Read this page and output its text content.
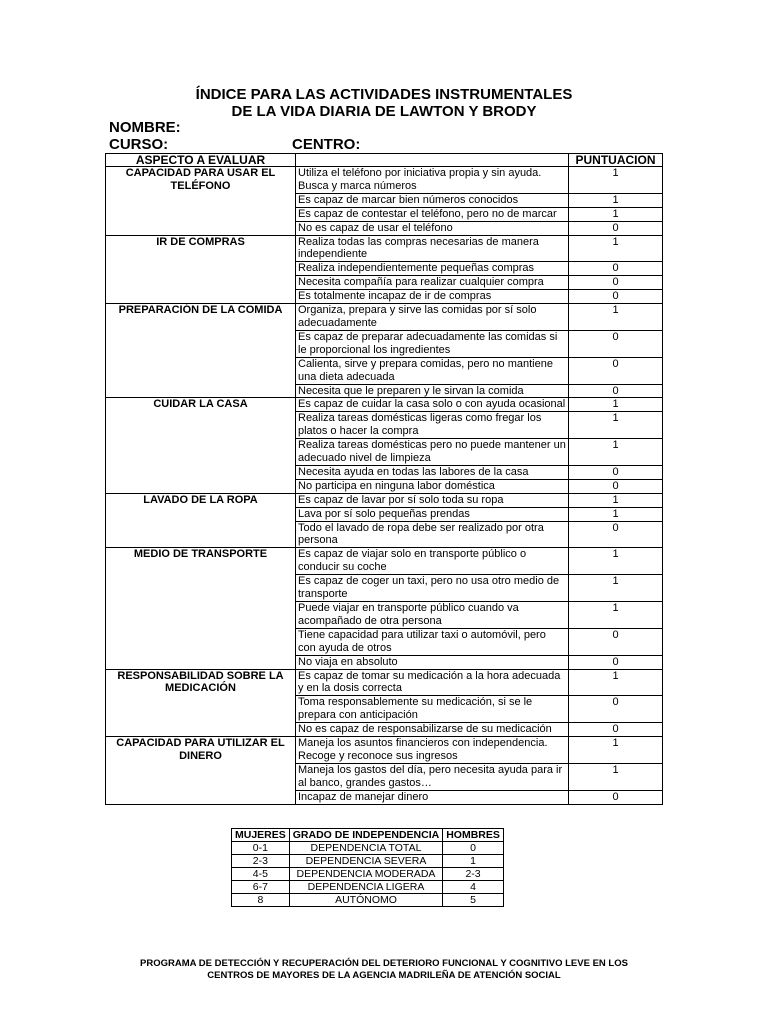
ÍNDICE PARA LAS ACTIVIDADES INSTRUMENTALES
DE LA VIDA DIARIA DE LAWTON Y BRODY
NOMBRE:
CURSO:	CENTRO:
ASPECTO A EVALUAR		PUNTUACION
CAPACIDAD PARA USAR EL TELÉFONO	Utiliza el teléfono por iniciativa propia y sin ayuda. Busca y marca números	1
	Es capaz de marcar bien números conocidos	1
	Es capaz de contestar el teléfono, pero no de marcar	1
	No es capaz de usar el teléfono	0
IR DE COMPRAS	Realiza todas las compras necesarias de manera independiente	1
	Realiza independientemente pequeñas compras	0
	Necesita compañía para realizar cualquier compra	0
	Es totalmente incapaz de ir de compras	0
PREPARACIÓN DE LA COMIDA	Organiza, prepara y sirve las comidas por sí solo adecuadamente	1
	Es capaz de preparar adecuadamente las comidas si le proporcional los ingredientes	0
	Calienta, sirve y prepara comidas, pero no mantiene una dieta adecuada	0
	Necesita que le preparen y le sirvan la comida	0
CUIDAR LA CASA	Es capaz de cuidar la casa solo o con ayuda ocasional	1
	Realiza tareas domésticas ligeras como fregar los platos o hacer la compra	1
	Realiza tareas domésticas pero no puede mantener un adecuado nivel de limpieza	1
	Necesita ayuda en todas las labores de la casa	0
	No participa en ninguna labor doméstica	0
LAVADO DE LA ROPA	Es capaz de lavar por sí solo toda su ropa	1
	Lava por sí solo pequeñas prendas	1
	Todo el lavado de ropa debe ser realizado por otra persona	0
MEDIO DE TRANSPORTE	Es capaz de viajar solo en transporte público o conducir su coche	1
	Es capaz de coger un taxi, pero no usa otro medio de transporte	1
	Puede viajar en transporte público cuando va acompañado de otra persona	1
	Tiene capacidad para utilizar taxi o automóvil, pero con ayuda de otros	0
	No viaja en absoluto	0
RESPONSABILIDAD SOBRE LA MEDICACIÓN	Es capaz de tomar su medicación a la hora adecuada y en la dosis correcta	1
	Toma responsablemente su medicación, si se le prepara con anticipación	0
	No es capaz de responsabilizarse de su medicación	0
CAPACIDAD PARA UTILIZAR EL DINERO	Maneja los asuntos financieros con independencia. Recoge y reconoce sus ingresos	1
	Maneja los gastos del día, pero necesita ayuda para ir al banco, grandes gastos…	1
	Incapaz de manejar dinero	0
MUJERES	GRADO DE INDEPENDENCIA	HOMBRES
0-1	DEPENDENCIA TOTAL	0
2-3	DEPENDENCIA SEVERA	1
4-5	DEPENDENCIA MODERADA	2-3
6-7	DEPENDENCIA LIGERA	4
8	AUTÓNOMO	5
PROGRAMA DE DETECCIÓN Y RECUPERACIÓN DEL DETERIORO FUNCIONAL Y COGNITIVO LEVE EN LOS
CENTROS DE MAYORES DE LA AGENCIA MADRILEÑA DE ATENCIÓN SOCIAL
